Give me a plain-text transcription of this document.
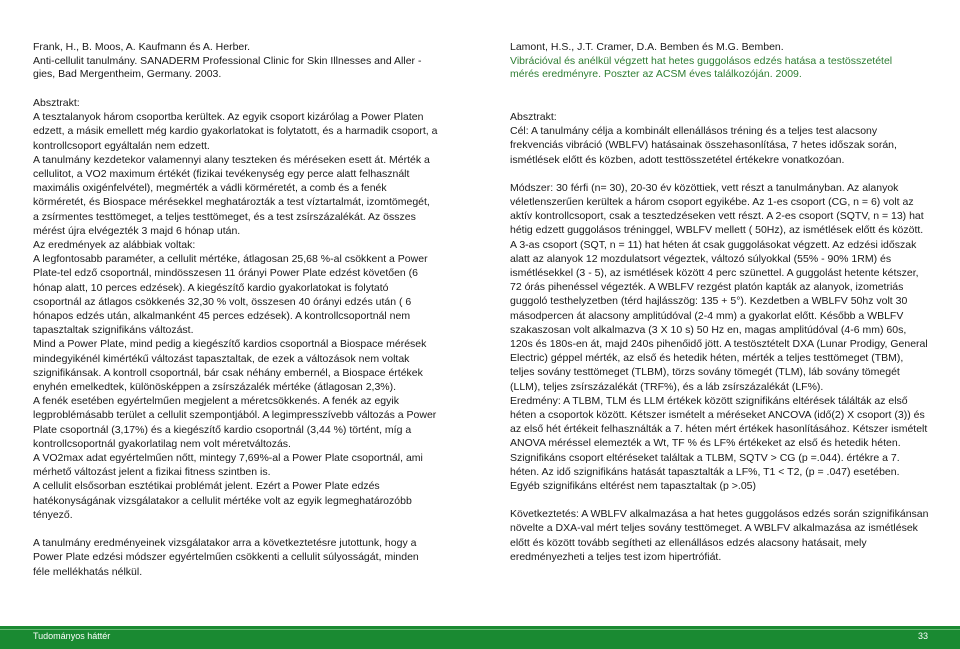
Frank, H., B. Moos, A. Kaufmann és A. Herber.
Anti-cellulit tanulmány. SANADERM Professional Clinic for Skin Illnesses and Aller -
gies, Bad Mergentheim, Germany. 2003.
Absztrakt:
A tesztalanyok három csoportba kerültek. Az egyik csoport kizárólag a Power Platen edzett, a másik emellett még kardio gyakorlatokat is folytatott, és a harmadik csoport, a kontrollcsoport egyáltalán nem edzett.
A tanulmány kezdetekor valamennyi alany teszteken és méréseken esett át. Mérték a cellulitot, a VO2 maximum értékét (fizikai tevékenység egy perce alatt felhasznált maximális oxigénfelvétel), megmérték a vádli körméretét, a comb és a fenék körméretét, és Biospace mérésekkel meghatározták a test víztartalmát, izomtömegét, a zsírmentes testtömeget, a teljes testtömeget, és a test zsírszázalékát. Az összes mérést újra elvégezték 3 majd 6 hónap után.
Az eredmények az alábbiak voltak:
A legfontosabb paraméter, a cellulit mértéke, átlagosan 25,68 %-al csökkent a Power Plate-tel edző csoportnál, mindösszesen 11 órányi Power Plate edzést követően (6 hónap alatt, 10 perces edzések). A kiegészítő kardio gyakorlatokat is folytató csoportnál az átlagos csökkenés 32,30 % volt, összesen 40 órányi edzés után ( 6 hónapos edzés után, alkalmanként 45 perces edzések). A kontrollcsoportnál nem tapasztaltak szignifikáns változást.
Mind a Power Plate, mind pedig a kiegészítő kardios csoportnál a Biospace mérések mindegyikénél kimértékű változást tapasztaltak, de ezek a változások nem voltak szignifikánsak. A kontroll csoportnál, bár csak néhány embernél, a Biospace értékek enyhén emelkedtek, különösképpen a zsírszázalék mértéke (átlagosan 2,3%).
A fenék esetében egyértelműen megjelent a méretcsökkenés. A fenék az egyik legproblémásabb terület a cellulit szempontjából. A legimpresszívebb változás a Power Plate csoportnál (3,17%) és a kiegészítő kardio csoportnál (3,44 %) történt, míg a kontrollcsoportnál gyakorlatilag nem volt méretváltozás.
A VO2max adat egyértelműen nőtt, mintegy 7,69%-al a Power Plate csoportnál, ami mérhető változást jelent a fizikai fitness szintben is.
A cellulit elsősorban esztétikai problémát jelent. Ezért a Power Plate edzés hatékonyságának vizsgálatakor a cellulit mértéke volt az egyik legmeghatározóbb tényező.
A tanulmány eredményeinek vizsgálatakor arra a következtetésre jutottunk, hogy a Power Plate edzési módszer egyértelműen csökkenti a cellulit súlyosságát, minden féle mellékhatás nélkül.
Lamont, H.S., J.T. Cramer, D.A. Bemben és M.G. Bemben.
Vibrációval és anélkül végzett hat hetes guggolásos edzés hatása a testösszetétel
mérés eredményre. Poszter az ACSM éves találkozóján. 2009.
Absztrakt:
Cél: A tanulmány célja a kombinált ellenállásos tréning és a teljes test alacsony frekvenciás vibráció (WBLFV) hatásainak összehasonlítása, 7 hetes időszak során, ismétlések előtt és közben, adott testtösszetétel értékekre vonatkozóan.
Módszer: 30 férfi (n= 30), 20-30 év közöttiek, vett részt a tanulmányban. Az alanyok véletlenszerűen kerültek a három csoport egyikébe. Az 1-es csoport (CG, n = 6) volt az aktív kontrollcsoport, csak a tesztedzéseken vett részt. A 2-es csoport (SQTV, n = 13) hat hétig edzett guggolásos tréninggel, WBLFV mellett ( 50Hz), az ismétlések előtt és között. A 3-as csoport (SQT, n = 11) hat héten át csak guggolásokat végzett. Az edzési időszak alatt az alanyok 12 mozdulatsort végeztek, változó súlyokkal (55% - 90% 1RM) és ismétlésekkel (3 - 5), az ismétlések között 4 perc szünettel. A guggolást hetente kétszer, 72 órás pihenéssel végezték. A WBLFV rezgést platón kapták az alanyok, izometriás guggoló testhelyzetben (térd hajlásszög: 135 + 5°). Kezdetben a WBLFV 50hz volt 30 másodpercen át alacsony amplitúdóval (2-4 mm) a gyakorlat előtt. Később a WBLFV szakaszosan volt alkalmazva (3 X 10 s) 50 Hz en, magas amplitúdóval (4-6 mm) 60s, 120s és 180s-en át, majd 240s pihenőidő jött. A testösztételt DXA (Lunar Prodigy, General Electric) géppel mérték, az első és hetedik héten, mérték a teljes testtömeget (TBM), teljes sovány testtömeget (TLBM), törzs sovány tömegét (TLM), láb sovány tömegét (LLM), teljes zsírszázalékát (TRF%), és a láb zsírszázalékát (LF%).
Eredmény: A TLBM, TLM és LLM értékek között szignifikáns eltérések tálálták az első héten a csoportok között. Kétszer ismételt a méréseket ANCOVA (idő(2) X csoport (3)) és az első hét értékeit felhasználták a 7. héten mért értékek hasonlításához. Kétszer ismételt ANOVA méréssel elemezték a Wt, TF % és LF% értékeket az első és hetedik héten. Szignifikáns csoport eltéréseket találtak a TLBM, SQTV > CG (p =.044). értékre a 7. héten. Az idő szignifikáns hatását tapasztalták a LF%, T1 < T2, (p = .047) esetében. Egyéb szignifikáns eltérést nem tapasztaltak (p >.05)
Következtetés: A WBLFV alkalmazása a hat hetes guggolásos edzés során szignifikánsan növelte a DXA-val mért teljes sovány testtömeget. A WBLFV alkalmazása az ismétlések előtt és között tovább segítheti az ellenállásos edzés alacsony hatásait, mely eredményezheti a teljes test izom hipertrófiát.
Tudományos háttér	33
